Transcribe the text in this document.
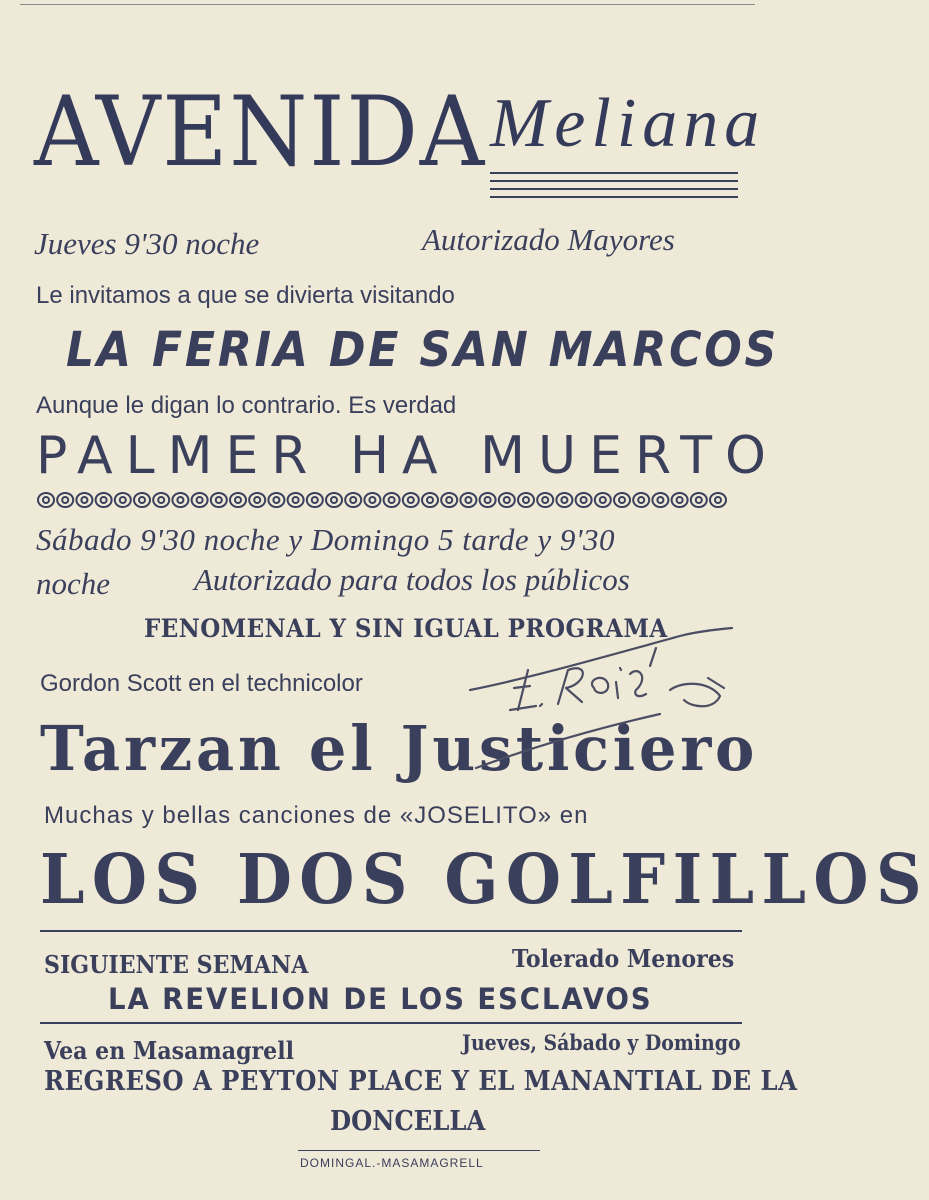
AVENIDA Meliana
Jueves 9'30 noche	Autorizado Mayores
Le invitamos a que se divierta visitando
LA FERIA DE SAN MARCOS
Aunque le digan lo contrario. Es verdad
PALMER HA MUERTO
Sábado 9'30 noche y Domingo 5 tarde y 9'30
noche	Autorizado para todos los públicos
FENOMENAL Y SIN IGUAL PROGRAMA
Gordon Scott en el technicolor
Tarzan el Justiciero
Muchas y bellas canciones de «JOSELITO» en
LOS DOS GOLFILLOS
SIGUIENTE SEMANA	Tolerado Menores
LA REVELION DE LOS ESCLAVOS
Vea en Masamagrell	Jueves, Sábado y Domingo
REGRESO A PEYTON PLACE Y EL MANANTIAL DE LA
DONCELLA
DOMINGAL.-MASAMAGRELL
